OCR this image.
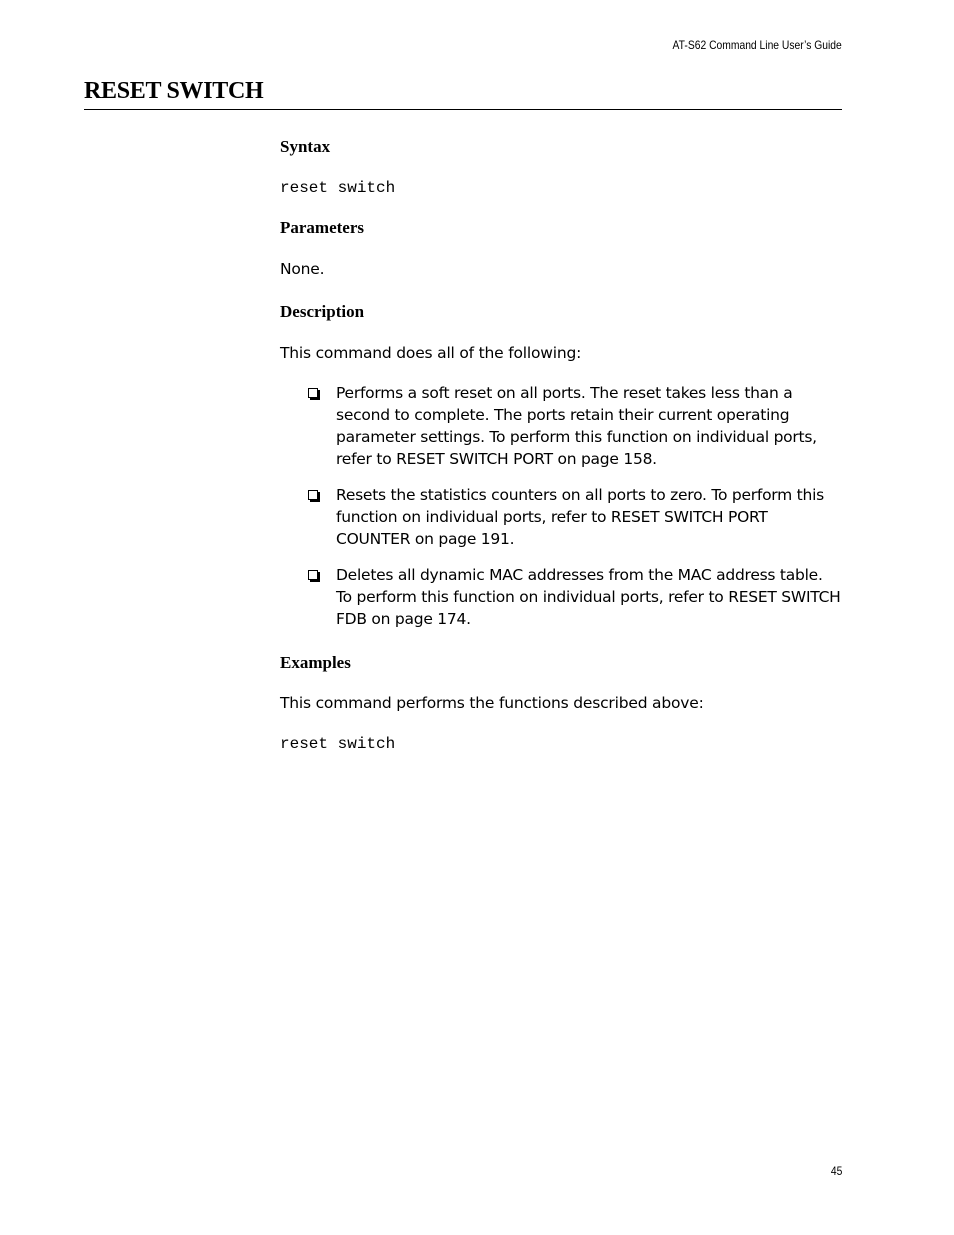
AT-S62 Command Line User’s Guide
RESET SWITCH
Syntax

reset switch

Parameters

None.

Description

This command does all of the following:

Performs a soft reset on all ports. The reset takes less than a second to complete. The ports retain their current operating parameter settings. To perform this function on individual ports, refer to RESET SWITCH PORT on page 158.
Resets the statistics counters on all ports to zero. To perform this function on individual ports, refer to RESET SWITCH PORT COUNTER on page 191.
Deletes all dynamic MAC addresses from the MAC address table. To perform this function on individual ports, refer to RESET SWITCH FDB on page 174.
Examples

This command performs the functions described above:

reset switch

45
